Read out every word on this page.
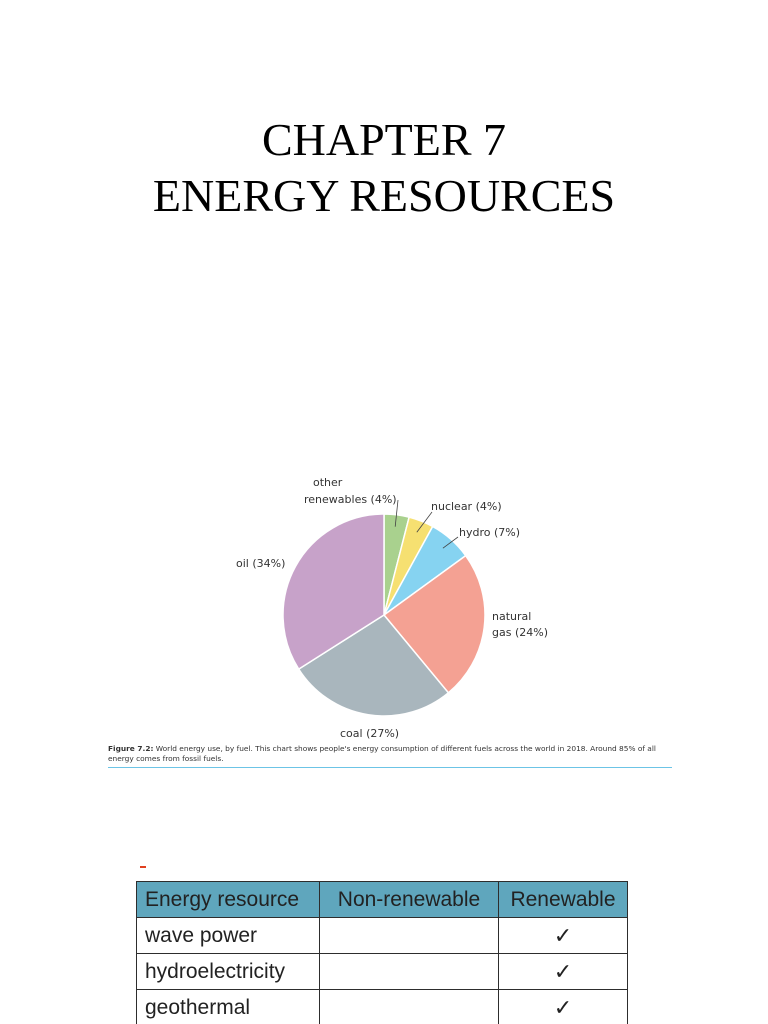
CHAPTER 7
ENERGY RESOURCES
other
renewables (4%)
nuclear (4%)
hydro (7%)
natural
gas (24%)
coal (27%)
oil (34%)
Figure 7.2: World energy use, by fuel. This chart shows people's energy consumption of different fuels across the world in 2018. Around 85% of all energy comes from fossil fuels.
Energy resource	Non-renewable	Renewable
wave power		✓
hydroelectricity		✓
geothermal		✓
